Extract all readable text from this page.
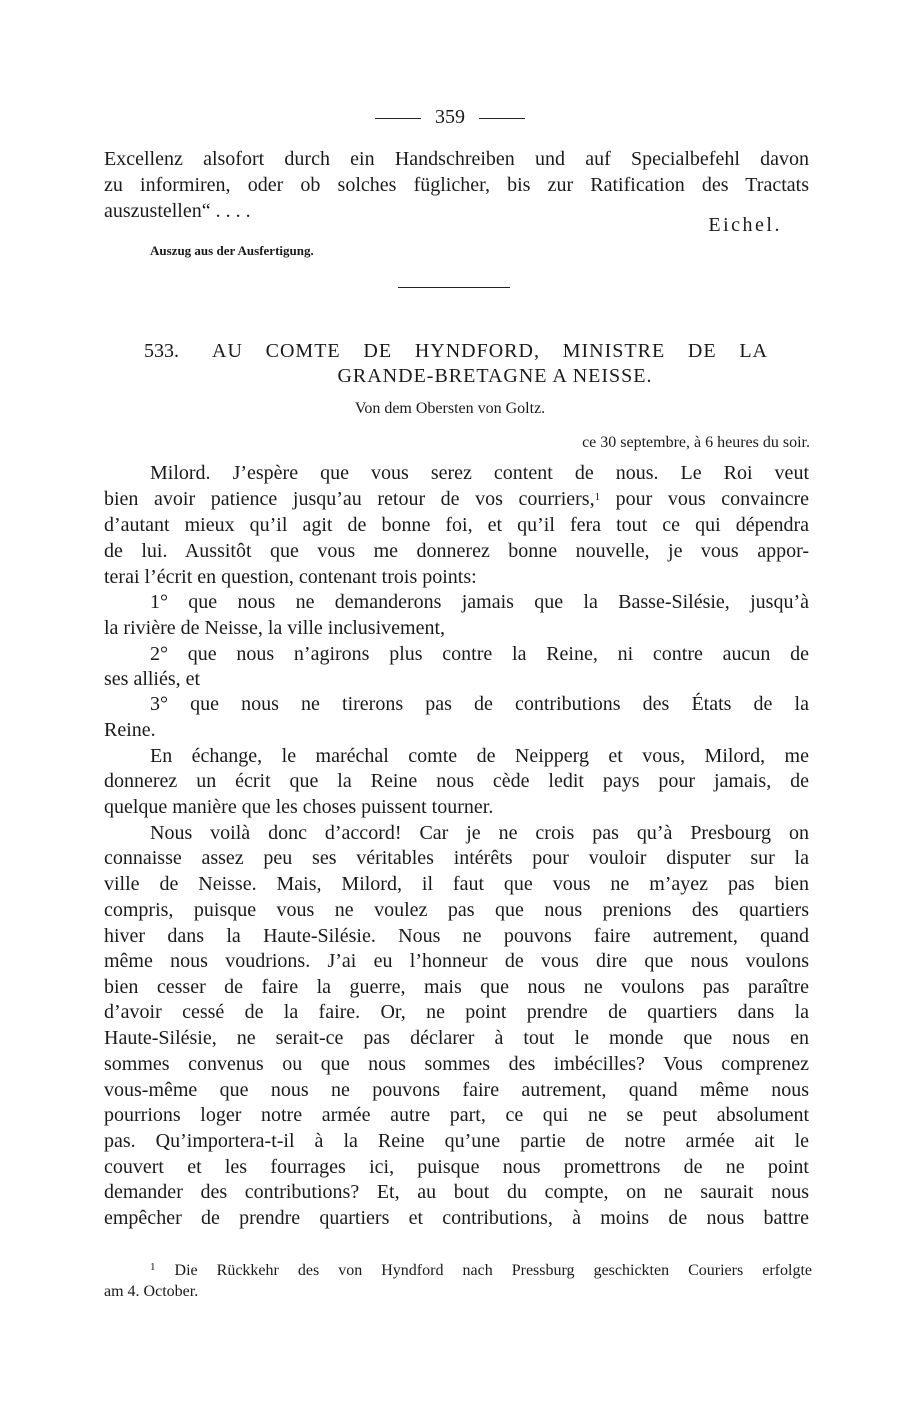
359
Excellenz alsofort durch ein Handschreiben und auf Specialbefehl davon
zu informiren, oder ob solches füglicher, bis zur Ratification des Tractats
auszustellen“ . . . .
Eichel.
Auszug aus der Ausfertigung.
533. AU COMTE DE HYNDFORD, MINISTRE DE LA
GRANDE-BRETAGNE A NEISSE.
Von dem Obersten von Goltz.
ce 30 septembre, à 6 heures du soir.
Milord. J’espère que vous serez content de nous. Le Roi veut
bien avoir patience jusqu’au retour de vos courriers,$^1$ pour vous convaincre
d’autant mieux qu’il agit de bonne foi, et qu’il fera tout ce qui dépendra
de lui. Aussitôt que vous me donnerez bonne nouvelle, je vous appor-
terai l’écrit en question, contenant trois points:
1° que nous ne demanderons jamais que la Basse-Silésie, jusqu’à
la rivière de Neisse, la ville inclusivement,
2° que nous n’agirons plus contre la Reine, ni contre aucun de
ses alliés, et
3° que nous ne tirerons pas de contributions des États de la
Reine.
En échange, le maréchal comte de Neipperg et vous, Milord, me
donnerez un écrit que la Reine nous cède ledit pays pour jamais, de
quelque manière que les choses puissent tourner.
Nous voilà donc d’accord! Car je ne crois pas qu’à Presbourg on
connaisse assez peu ses véritables intérêts pour vouloir disputer sur la
ville de Neisse. Mais, Milord, il faut que vous ne m’ayez pas bien
compris, puisque vous ne voulez pas que nous prenions des quartiers
hiver dans la Haute-Silésie. Nous ne pouvons faire autrement, quand
même nous voudrions. J’ai eu l’honneur de vous dire que nous voulons
bien cesser de faire la guerre, mais que nous ne voulons pas paraître
d’avoir cessé de la faire. Or, ne point prendre de quartiers dans la
Haute-Silésie, ne serait-ce pas déclarer à tout le monde que nous en
sommes convenus ou que nous sommes des imbécilles? Vous comprenez
vous-même que nous ne pouvons faire autrement, quand même nous
pourrions loger notre armée autre part, ce qui ne se peut absolument
pas. Qu’importera-t-il à la Reine qu’une partie de notre armée ait le
couvert et les fourrages ici, puisque nous promettrons de ne point
demander des contributions? Et, au bout du compte, on ne saurait nous
empêcher de prendre quartiers et contributions, à moins de nous battre
$^1$ Die Rückkehr des von Hyndford nach Pressburg geschickten Couriers erfolgte
am 4. October.
